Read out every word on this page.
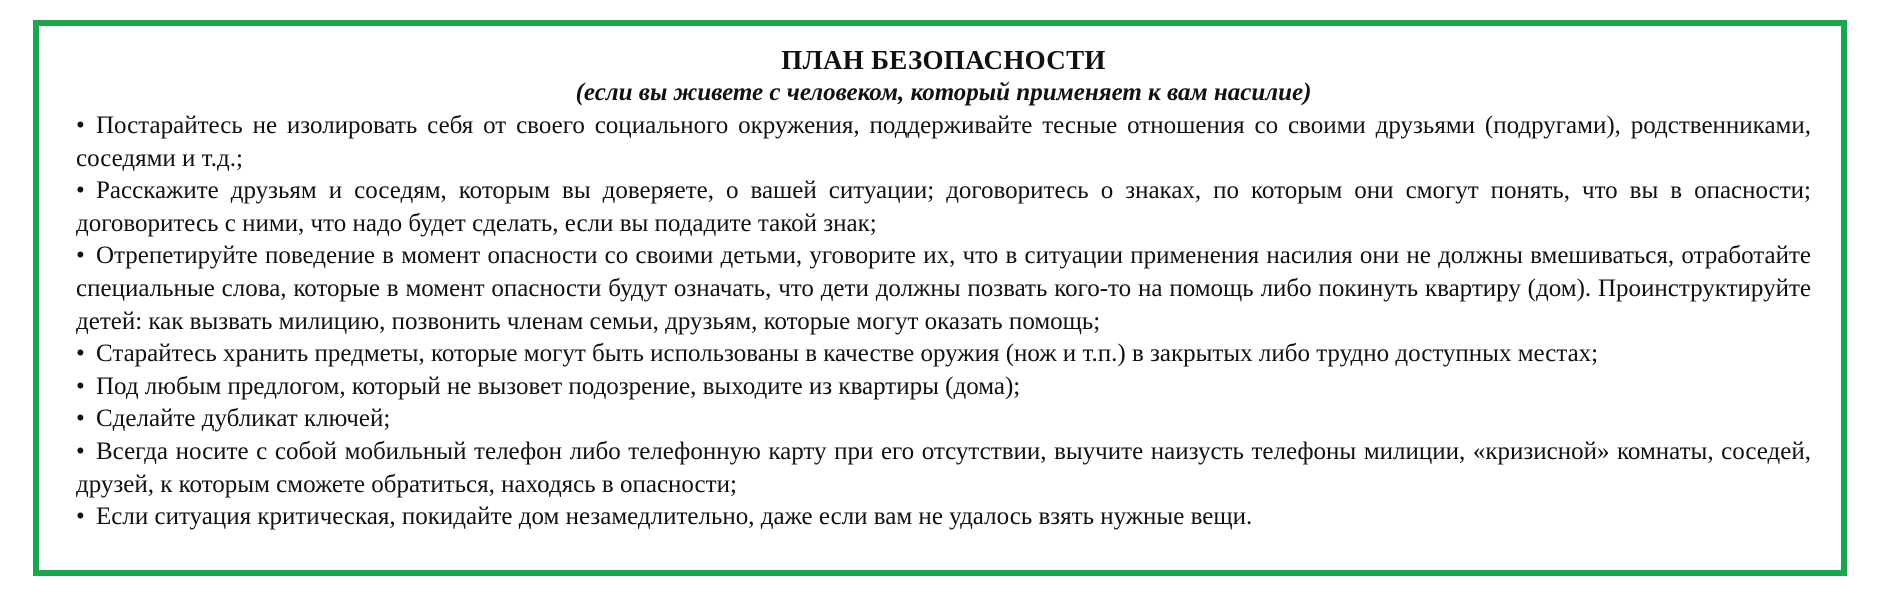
ПЛАН БЕЗОПАСНОСТИ

(если вы живете с человеком, который применяет к вам насилие)

• Постарайтесь не изолировать себя от своего социального окружения, поддерживайте тесные отношения со своими друзьями (подругами), родственниками, соседями и т.д.;
• Расскажите друзьям и соседям, которым вы доверяете, о вашей ситуации; договоритесь о знаках, по которым они смогут понять, что вы в опасности; договоритесь с ними, что надо будет сделать, если вы подадите такой знак;
• Отрепетируйте поведение в момент опасности со своими детьми, уговорите их, что в ситуации применения насилия они не должны вмешиваться, отработайте специальные слова, которые в момент опасности будут означать, что дети должны позвать кого-то на помощь либо покинуть квартиру (дом). Проинструктируйте детей: как вызвать милицию, позвонить членам семьи, друзьям, которые могут оказать помощь;
• Старайтесь хранить предметы, которые могут быть использованы в качестве оружия (нож и т.п.) в закрытых либо трудно доступных местах;
• Под любым предлогом, который не вызовет подозрение, выходите из квартиры (дома);
• Сделайте дубликат ключей;
• Всегда носите с собой мобильный телефон либо телефонную карту при его отсутствии, выучите наизусть телефоны милиции, «кризисной» комнаты, соседей, друзей, к которым сможете обратиться, находясь в опасности;
• Если ситуация критическая, покидайте дом незамедлительно, даже если вам не удалось взять нужные вещи.
